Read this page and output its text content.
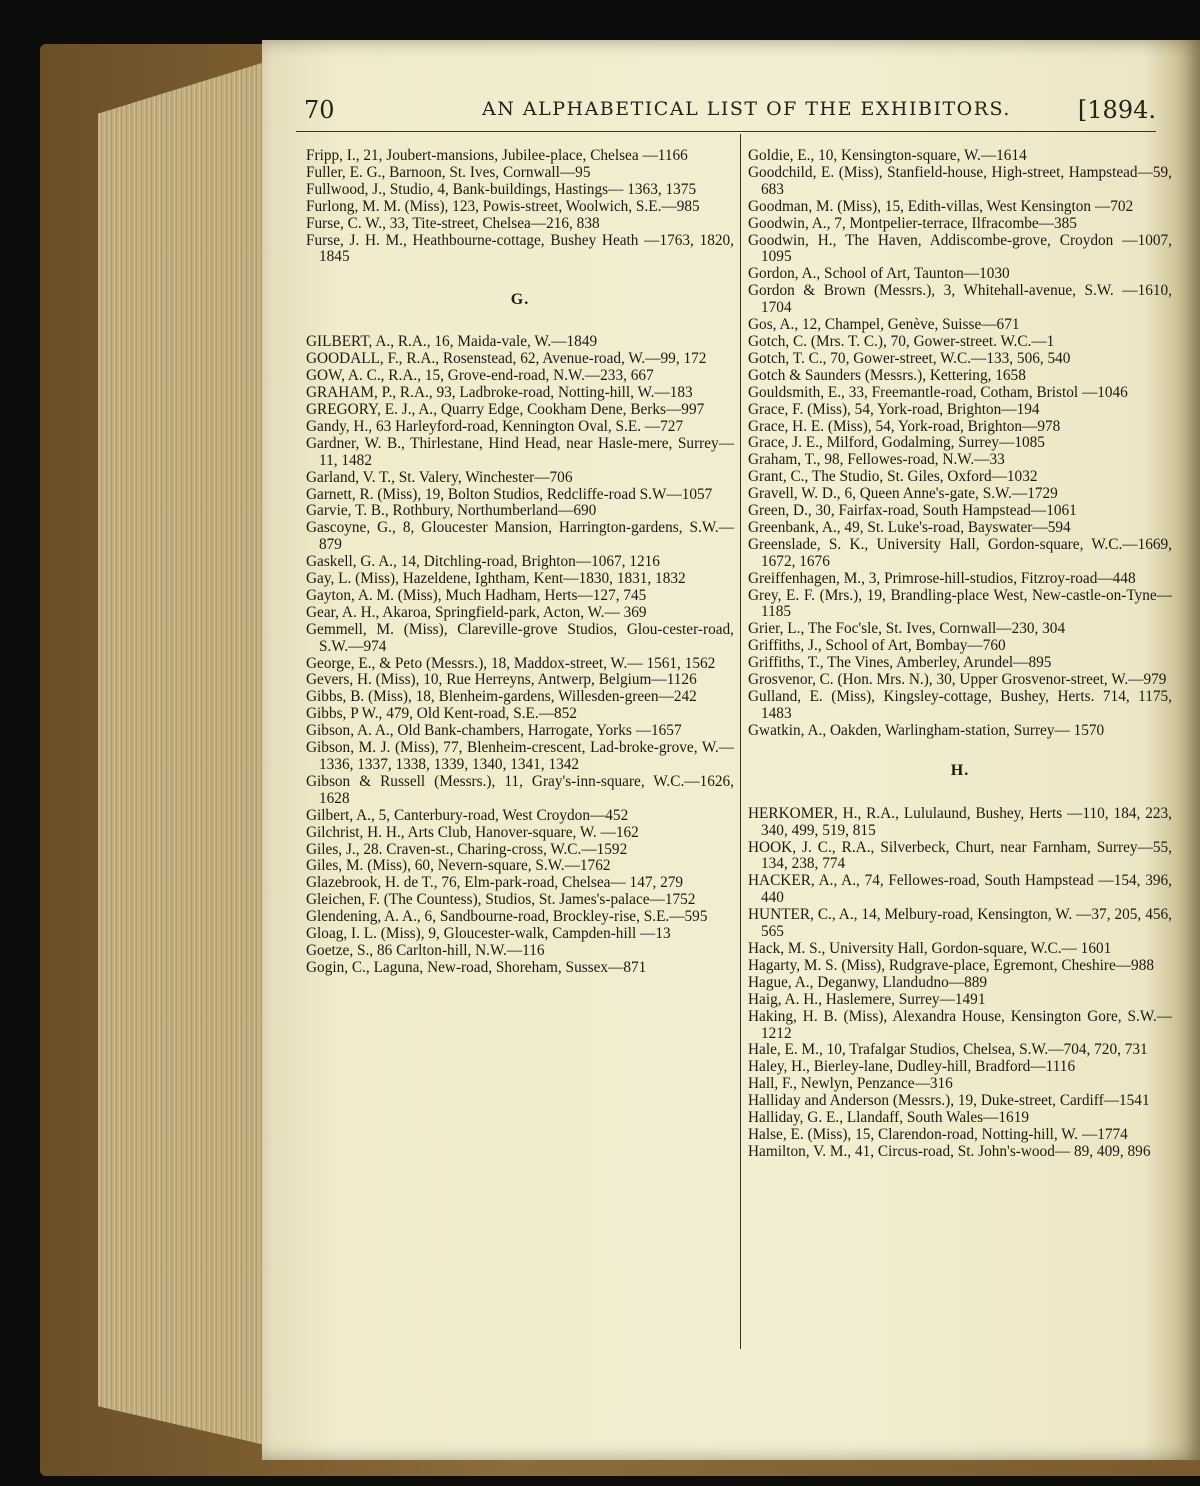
70	AN ALPHABETICAL LIST OF THE EXHIBITORS.	[1894.

Fripp, I., 21, Joubert-mansions, Jubilee-place, Chelsea —1166

Fuller, E. G., Barnoon, St. Ives, Cornwall—95

Fullwood, J., Studio, 4, Bank-buildings, Hastings— 1363, 1375

Furlong, M. M. (Miss), 123, Powis-street, Woolwich, S.E.—985

Furse, C. W., 33, Tite-street, Chelsea—216, 838

Furse, J. H. M., Heathbourne-cottage, Bushey Heath —1763, 1820, 1845

G.

GILBERT, A., R.A., 16, Maida-vale, W.—1849

GOODALL, F., R.A., Rosenstead, 62, Avenue-road, W.—99, 172

GOW, A. C., R.A., 15, Grove-end-road, N.W.—233, 667

GRAHAM, P., R.A., 93, Ladbroke-road, Notting-hill, W.—183

GREGORY, E. J., A., Quarry Edge, Cookham Dene, Berks—997

Gandy, H., 63 Harleyford-road, Kennington Oval, S.E. —727

Gardner, W. B., Thirlestane, Hind Head, near Hasle-mere, Surrey—11, 1482

Garland, V. T., St. Valery, Winchester—706

Garnett, R. (Miss), 19, Bolton Studios, Redcliffe-road S.W—1057

Garvie, T. B., Rothbury, Northumberland—690

Gascoyne, G., 8, Gloucester Mansion, Harrington-gardens, S.W.—879

Gaskell, G. A., 14, Ditchling-road, Brighton—1067, 1216

Gay, L. (Miss), Hazeldene, Ightham, Kent—1830, 1831, 1832

Gayton, A. M. (Miss), Much Hadham, Herts—127, 745

Gear, A. H., Akaroa, Springfield-park, Acton, W.— 369

Gemmell, M. (Miss), Clareville-grove Studios, Glou-cester-road, S.W.—974

George, E., & Peto (Messrs.), 18, Maddox-street, W.— 1561, 1562

Gevers, H. (Miss), 10, Rue Herreyns, Antwerp, Belgium—1126

Gibbs, B. (Miss), 18, Blenheim-gardens, Willesden-green—242

Gibbs, P W., 479, Old Kent-road, S.E.—852

Gibson, A. A., Old Bank-chambers, Harrogate, Yorks —1657

Gibson, M. J. (Miss), 77, Blenheim-crescent, Lad-broke-grove, W.—1336, 1337, 1338, 1339, 1340, 1341, 1342

Gibson & Russell (Messrs.), 11, Gray's-inn-square, W.C.—1626, 1628

Gilbert, A., 5, Canterbury-road, West Croydon—452

Gilchrist, H. H., Arts Club, Hanover-square, W. —162

Giles, J., 28. Craven-st., Charing-cross, W.C.—1592

Giles, M. (Miss), 60, Nevern-square, S.W.—1762

Glazebrook, H. de T., 76, Elm-park-road, Chelsea— 147, 279

Gleichen, F. (The Countess), Studios, St. James's-palace—1752

Glendening, A. A., 6, Sandbourne-road, Brockley-rise, S.E.—595

Gloag, I. L. (Miss), 9, Gloucester-walk, Campden-hill —13

Goetze, S., 86 Carlton-hill, N.W.—116

Gogin, C., Laguna, New-road, Shoreham, Sussex—871

Goldie, E., 10, Kensington-square, W.—1614

Goodchild, E. (Miss), Stanfield-house, High-street, Hampstead—59, 683

Goodman, M. (Miss), 15, Edith-villas, West Kensington —702

Goodwin, A., 7, Montpelier-terrace, Ilfracombe—385

Goodwin, H., The Haven, Addiscombe-grove, Croydon —1007, 1095

Gordon, A., School of Art, Taunton—1030

Gordon & Brown (Messrs.), 3, Whitehall-avenue, S.W. —1610, 1704

Gos, A., 12, Champel, Genève, Suisse—671

Gotch, C. (Mrs. T. C.), 70, Gower-street. W.C.—1

Gotch, T. C., 70, Gower-street, W.C.—133, 506, 540

Gotch & Saunders (Messrs.), Kettering, 1658

Gouldsmith, E., 33, Freemantle-road, Cotham, Bristol —1046

Grace, F. (Miss), 54, York-road, Brighton—194

Grace, H. E. (Miss), 54, York-road, Brighton—978

Grace, J. E., Milford, Godalming, Surrey—1085

Graham, T., 98, Fellowes-road, N.W.—33

Grant, C., The Studio, St. Giles, Oxford—1032

Gravell, W. D., 6, Queen Anne's-gate, S.W.—1729

Green, D., 30, Fairfax-road, South Hampstead—1061

Greenbank, A., 49, St. Luke's-road, Bayswater—594

Greenslade, S. K., University Hall, Gordon-square, W.C.—1669, 1672, 1676

Greiffenhagen, M., 3, Primrose-hill-studios, Fitzroy-road—448

Grey, E. F. (Mrs.), 19, Brandling-place West, New-castle-on-Tyne—1185

Grier, L., The Foc'sle, St. Ives, Cornwall—230, 304

Griffiths, J., School of Art, Bombay—760

Griffiths, T., The Vines, Amberley, Arundel—895

Grosvenor, C. (Hon. Mrs. N.), 30, Upper Grosvenor-street, W.—979

Gulland, E. (Miss), Kingsley-cottage, Bushey, Herts. 714, 1175, 1483

Gwatkin, A., Oakden, Warlingham-station, Surrey— 1570

H.

HERKOMER, H., R.A., Lululaund, Bushey, Herts —110, 184, 223, 340, 499, 519, 815

HOOK, J. C., R.A., Silverbeck, Churt, near Farnham, Surrey—55, 134, 238, 774

HACKER, A., A., 74, Fellowes-road, South Hampstead —154, 396, 440

HUNTER, C., A., 14, Melbury-road, Kensington, W. —37, 205, 456, 565

Hack, M. S., University Hall, Gordon-square, W.C.— 1601

Hagarty, M. S. (Miss), Rudgrave-place, Egremont, Cheshire—988

Hague, A., Deganwy, Llandudno—889

Haig, A. H., Haslemere, Surrey—1491

Haking, H. B. (Miss), Alexandra House, Kensington Gore, S.W.—1212

Hale, E. M., 10, Trafalgar Studios, Chelsea, S.W.—704, 720, 731

Haley, H., Bierley-lane, Dudley-hill, Bradford—1116

Hall, F., Newlyn, Penzance—316

Halliday and Anderson (Messrs.), 19, Duke-street, Cardiff—1541

Halliday, G. E., Llandaff, South Wales—1619

Halse, E. (Miss), 15, Clarendon-road, Notting-hill, W. —1774

Hamilton, V. M., 41, Circus-road, St. John's-wood— 89, 409, 896
